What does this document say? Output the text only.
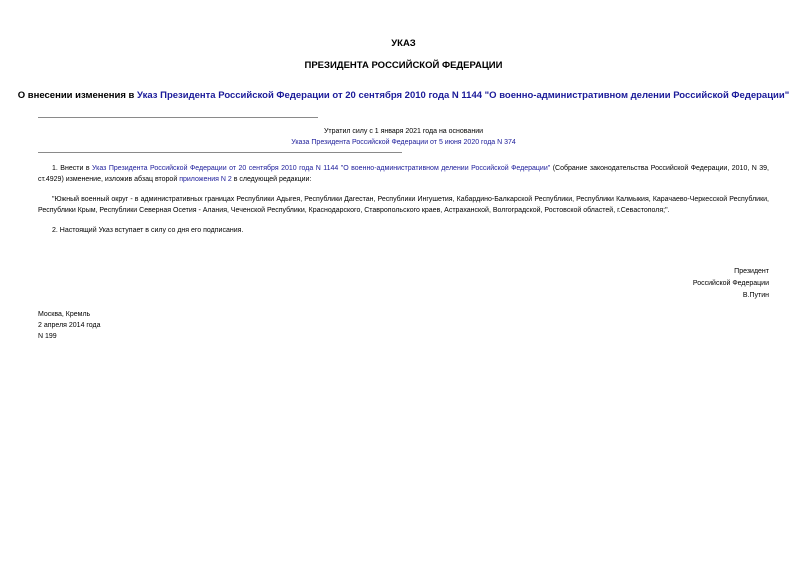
УКАЗ
ПРЕЗИДЕНТА РОССИЙСКОЙ ФЕДЕРАЦИИ
О внесении изменения в Указ Президента Российской Федерации от 20 сентября 2010 года N 1144 "О военно-административном делении Российской Федерации"
Утратил силу с 1 января 2021 года на основании
Указа Президента Российской Федерации от 5 июня 2020 года N 374
1. Внести в Указ Президента Российской Федерации от 20 сентября 2010 года N 1144 "О военно-административном делении Российской Федерации" (Собрание законодательства Российской Федерации, 2010, N 39, ст.4929) изменение, изложив абзац второй приложения N 2 в следующей редакции:
"Южный военный округ - в административных границах Республики Адыгея, Республики Дагестан, Республики Ингушетия, Кабардино-Балкарской Республики, Республики Калмыкия, Карачаево-Черкесской Республики, Республики Крым, Республики Северная Осетия - Алания, Чеченской Республики, Краснодарского, Ставропольского краев, Астраханской, Волгоградской, Ростовской областей, г.Севастополя;".
2. Настоящий Указ вступает в силу со дня его подписания.
Президент
Российской Федерации
В.Путин
Москва, Кремль
2 апреля 2014 года
N 199
